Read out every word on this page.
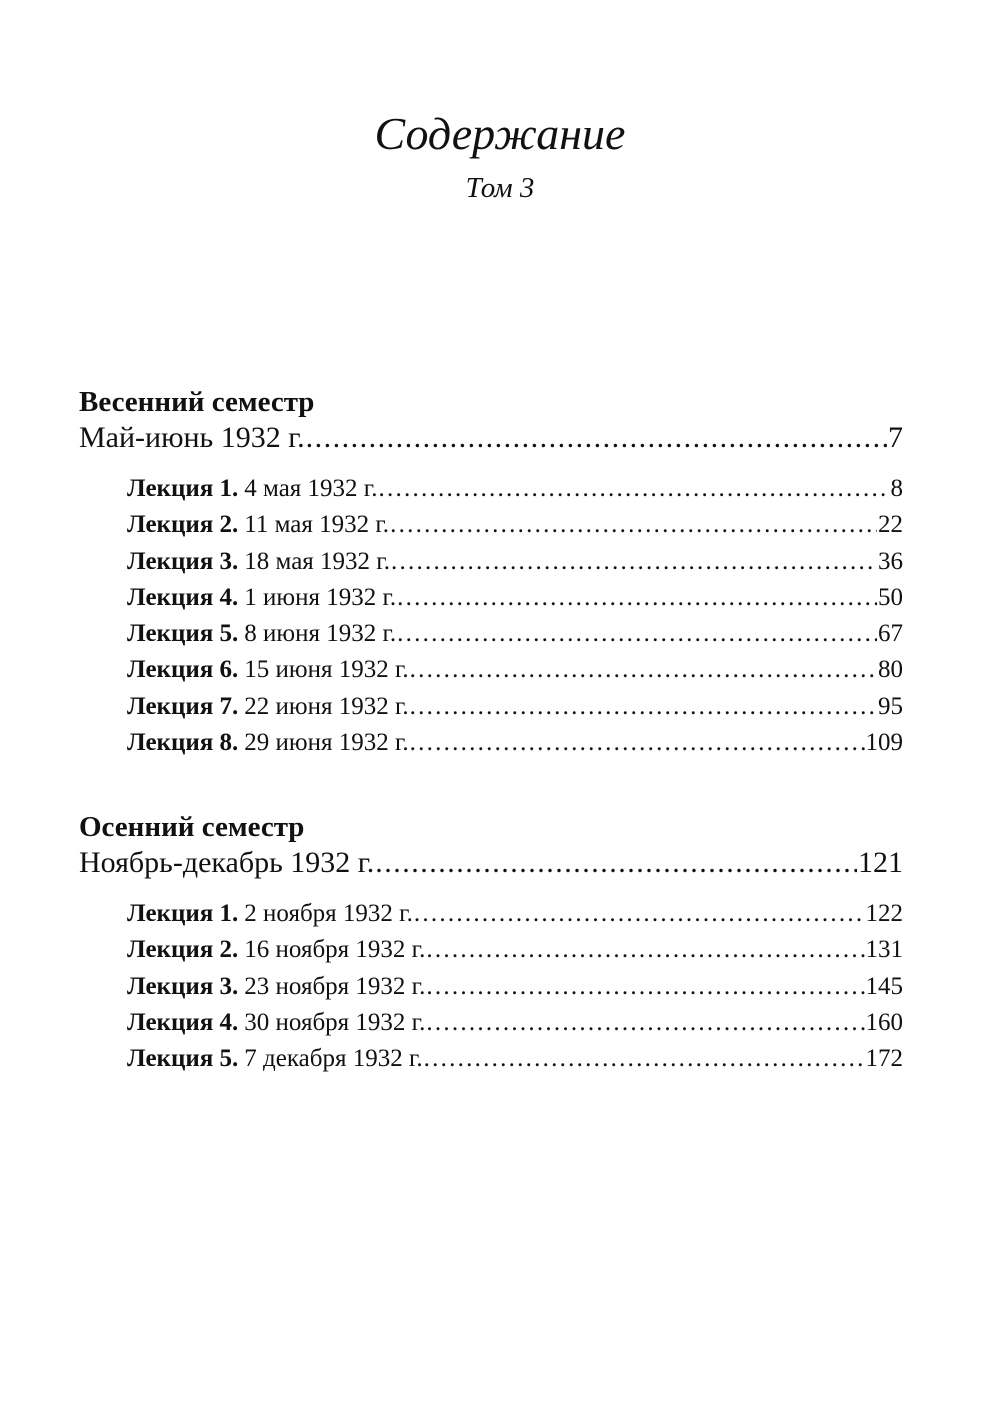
Содержание
Том 3
Весенний семестр
Май-июнь 1932 г. . . .	7
Лекция 1. 4 мая 1932 г. . . .	8
Лекция 2. 11 мая 1932 г. . . .	22
Лекция 3. 18 мая 1932 г. . . .	36
Лекция 4. 1 июня 1932 г. . . .	50
Лекция 5. 8 июня 1932 г. . . .	67
Лекция 6. 15 июня 1932 г. . . .	80
Лекция 7. 22 июня 1932 г. . . .	95
Лекция 8. 29 июня 1932 г. . . .	109
Осенний семестр
Ноябрь-декабрь 1932 г. . . .	121
Лекция 1. 2 ноября 1932 г. . . .	122
Лекция 2. 16 ноября 1932 г. . . .	131
Лекция 3. 23 ноября 1932 г. . . .	145
Лекция 4. 30 ноября 1932 г. . . .	160
Лекция 5. 7 декабря 1932 г. . . .	172
